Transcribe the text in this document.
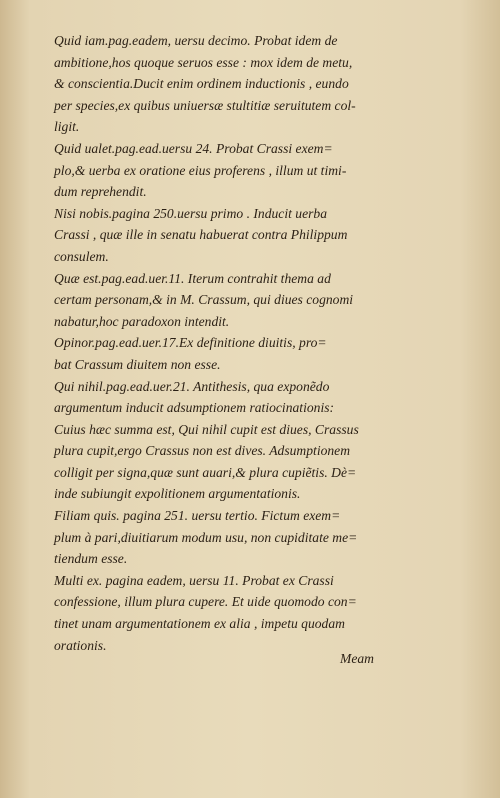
Quid iam.pag.eadem, uersu decimo. Probat idem de
ambitione,hos quoque seruos esse : mox idem de metu,
& conscientia.Ducit enim ordinem inductionis , eundo
per species,ex quibus uniuersæ stultitiæ seruitutem col-
ligit.

Quid ualet.pag.ead.uersu 24. Probat Crassi exem=
plo,& uerba ex oratione eius proferens , illum ut timi-
dum reprehendit.

Nisi nobis.pagina 250.uersu primo . Inducit uerba
Crassi , quæ ille in senatu habuerat contra Philippum
consulem.

Quæ est.pag.ead.uer.11. Iterum contrahit thema ad
certam personam,& in M. Crassum, qui diues cognomi
nabatur,hoc paradoxon intendit.

Opinor.pag.ead.uer.17.Ex definitione diuitis, pro=
bat Crassum diuitem non esse.

Qui nihil.pag.ead.uer.21. Antithesis, qua exponẽdo
argumentum inducit adsumptionem ratiocinationis:
Cuius hæc summa est, Qui nihil cupit est diues, Crassus
plura cupit,ergo Crassus non est dives. Adsumptionem
colligit per signa,quæ sunt auari,& plura cupiẽtis. Dè=
inde subiungit expolitionem argumentationis.

Filiam quis. pagina 251. uersu tertio. Fictum exem=
plum à pari,diuitiarum modum usu, non cupiditate me=
tiendum esse.

Multi ex. pagina eadem, uersu 11. Probat ex Crassi
confessione, illum plura cupere. Et uide quomodo con=
tinet unam argumentationem ex alia , impetu quodam
orationis.

Meam
